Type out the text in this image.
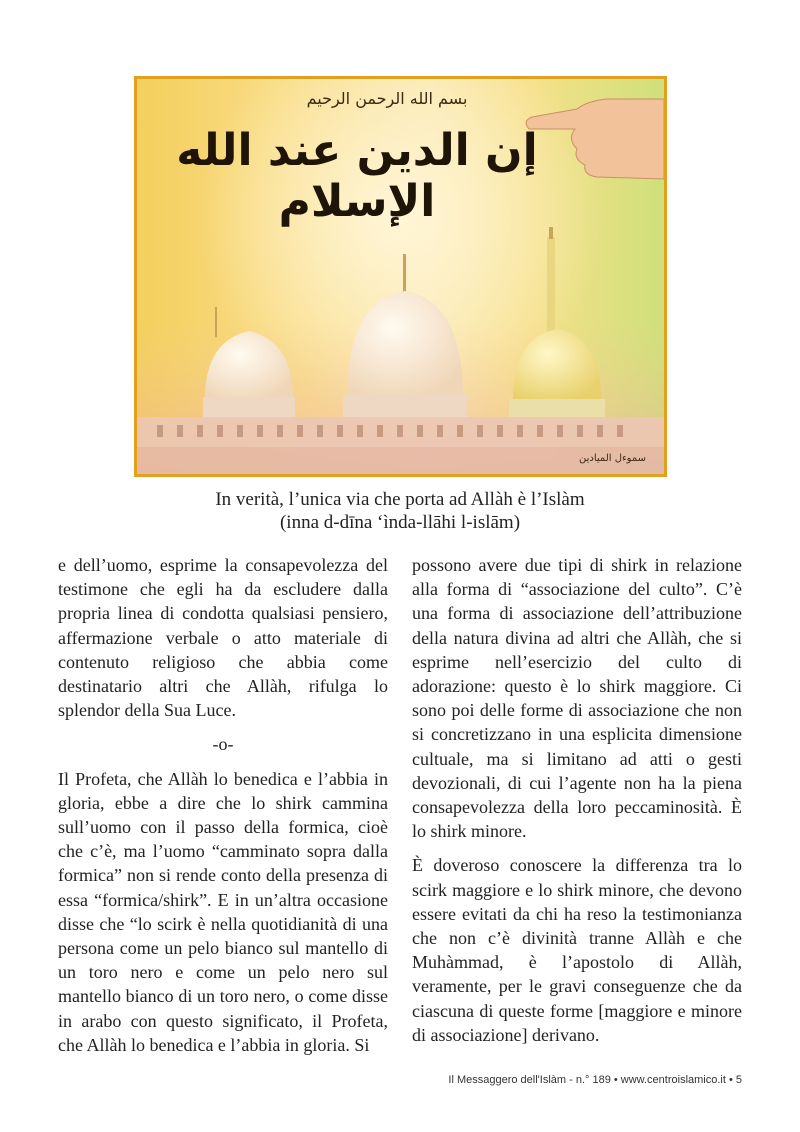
بسم الله الرحمن الرحيم
إن الدين عند الله الإسلام
سموءل الميادين
In verità, l’unica via che porta ad Allàh è l’Islàm
(inna d-dīna ‘ìnda-llāhi l-islām)

e dell’uomo, esprime la consapevolezza del testimone che egli ha da escludere dalla propria linea di condotta qualsiasi pensiero, affermazione verbale o atto materiale di contenuto religioso che abbia come destinatario altri che Allàh, rifulga lo splendor della Sua Luce.

-o-

Il Profeta, che Allàh lo benedica e l’abbia in gloria, ebbe a dire che lo shirk cammina sull’uomo con il passo della formica, cioè che c’è, ma l’uomo “camminato sopra dalla formica” non si rende conto della presenza di essa “formica/shirk”. E in un’altra occasione disse che “lo scirk è nella quotidianità di una persona come un pelo bianco sul mantello di un toro nero e come un pelo nero sul mantello bianco di un toro nero, o come disse in arabo con questo significato, il Profeta, che Allàh lo benedica e l’abbia in gloria. Si

possono avere due tipi di shirk in relazione alla forma di “associazione del culto”. C’è una forma di associazione dell’attribuzione della natura divina ad altri che Allàh, che si esprime nell’esercizio del culto di adorazione: questo è lo shirk maggiore. Ci sono poi delle forme di associazione che non si concretizzano in una esplicita dimensione cultuale, ma si limitano ad atti o gesti devozionali, di cui l’agente non ha la piena consapevolezza della loro peccaminosità. È lo shirk minore.

È doveroso conoscere la differenza tra lo scirk maggiore e lo shirk minore, che devono essere evitati da chi ha reso la testimonianza che non c’è divinità tranne Allàh e che Muhàmmad, è l’apostolo di Allàh, veramente, per le gravi conseguenze che da ciascuna di queste forme [maggiore e minore di associazione] derivano.

Il Messaggero dell'Islàm - n.° 189 • www.centroislamico.it • 5
